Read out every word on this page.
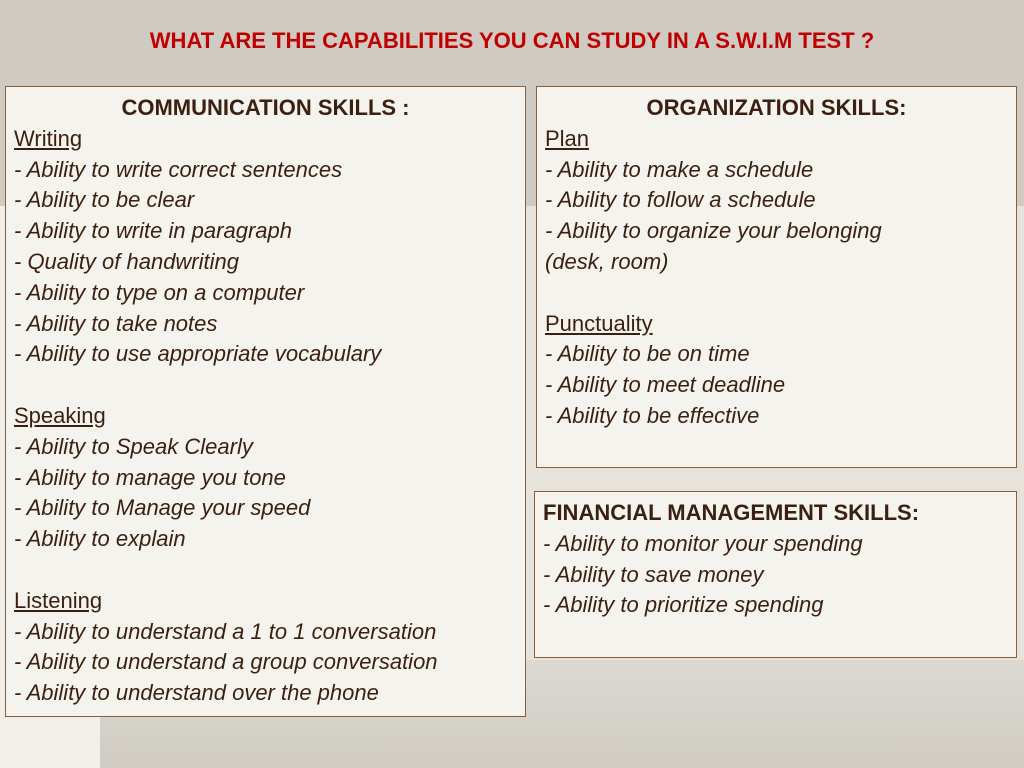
WHAT ARE THE CAPABILITIES YOU CAN STUDY IN A S.W.I.M TEST ?
COMMUNICATION SKILLS :
Writing
- Ability to write correct sentences
- Ability to be clear
- Ability to write in paragraph
- Quality of handwriting
- Ability to type on a computer
- Ability to take notes
- Ability to use appropriate vocabulary
Speaking
- Ability to Speak Clearly
- Ability to manage you tone
- Ability to Manage your speed
- Ability to explain
Listening
- Ability to understand a 1 to 1 conversation
- Ability to understand a group conversation
- Ability to understand over the phone
ORGANIZATION SKILLS:
Plan
- Ability to make a schedule
- Ability to follow a schedule
- Ability to organize your belonging
(desk, room)
Punctuality
- Ability to be on time
- Ability to meet deadline
- Ability to be effective
FINANCIAL MANAGEMENT SKILLS:
- Ability to monitor your spending
- Ability to save money
- Ability to prioritize spending
